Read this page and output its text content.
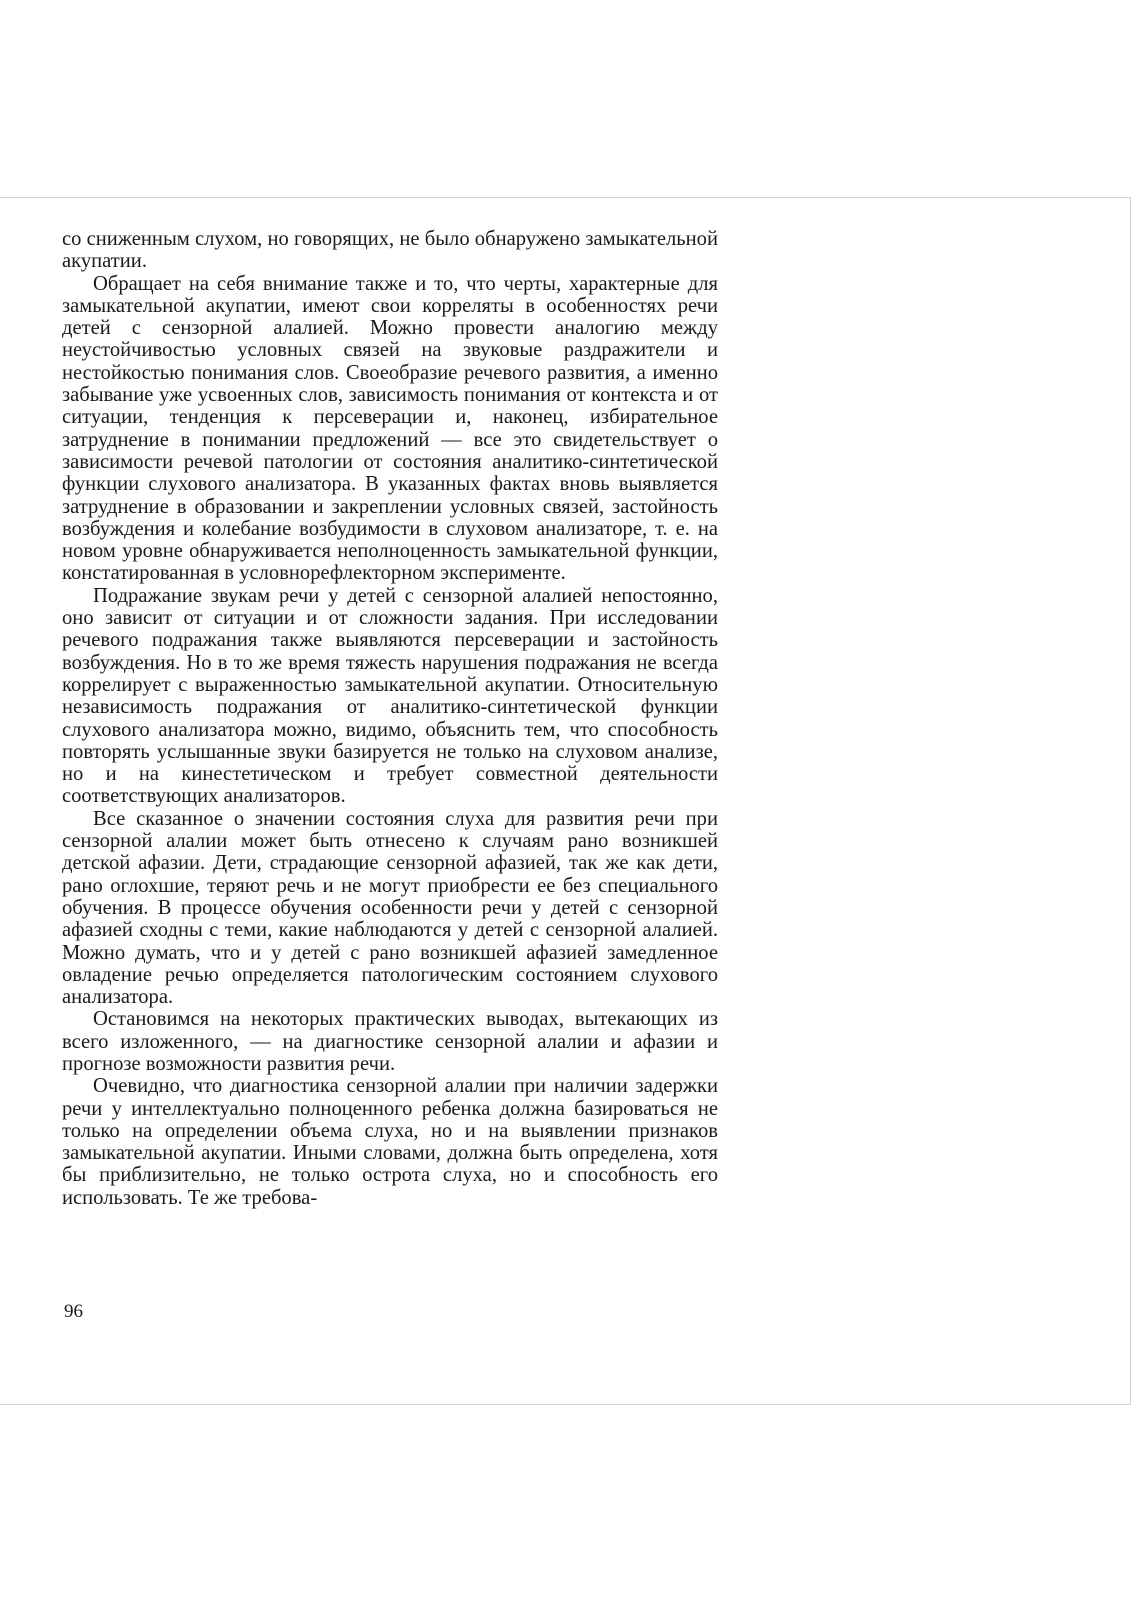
со сниженным слухом, но говорящих, не было обнаружено замыкательной акупатии.

Обращает на себя внимание также и то, что черты, характерные для замыкательной акупатии, имеют свои корреляты в особенностях речи детей с сензорной алалией. Можно провести аналогию между неустойчивостью условных связей на звуковые раздражители и нестойкостью понимания слов. Своеобразие речевого развития, а именно забывание уже усвоенных слов, зависимость понимания от контекста и от ситуации, тенденция к персеверации и, наконец, избирательное затруднение в понимании предложений — все это свидетельствует о зависимости речевой патологии от состояния аналитико-синтетической функции слухового анализатора. В указанных фактах вновь выявляется затруднение в образовании и закреплении условных связей, застойность возбуждения и колебание возбудимости в слуховом анализаторе, т. е. на новом уровне обнаруживается неполноценность замыкательной функции, констатированная в условнорефлекторном эксперименте.

Подражание звукам речи у детей с сензорной алалией непостоянно, оно зависит от ситуации и от сложности задания. При исследовании речевого подражания также выявляются персеверации и застойность возбуждения. Но в то же время тяжесть нарушения подражания не всегда коррелирует с выраженностью замыкательной акупатии. Относительную независимость подражания от аналитико-синтетической функции слухового анализатора можно, видимо, объяснить тем, что способность повторять услышанные звуки базируется не только на слуховом анализе, но и на кинестетическом и требует совместной деятельности соответствующих анализаторов.

Все сказанное о значении состояния слуха для развития речи при сензорной алалии может быть отнесено к случаям рано возникшей детской афазии. Дети, страдающие сензорной афазией, так же как дети, рано оглохшие, теряют речь и не могут приобрести ее без специального обучения. В процессе обучения особенности речи у детей с сензорной афазией сходны с теми, какие наблюдаются у детей с сензорной алалией. Можно думать, что и у детей с рано возникшей афазией замедленное овладение речью определяется патологическим состоянием слухового анализатора.

Остановимся на некоторых практических выводах, вытекающих из всего изложенного, — на диагностике сензорной алалии и афазии и прогнозе возможности развития речи.

Очевидно, что диагностика сензорной алалии при наличии задержки речи у интеллектуально полноценного ребенка должна базироваться не только на определении объема слуха, но и на выявлении признаков замыкательной акупатии. Иными словами, должна быть определена, хотя бы приблизительно, не только острота слуха, но и способность его использовать. Те же требова-

96
